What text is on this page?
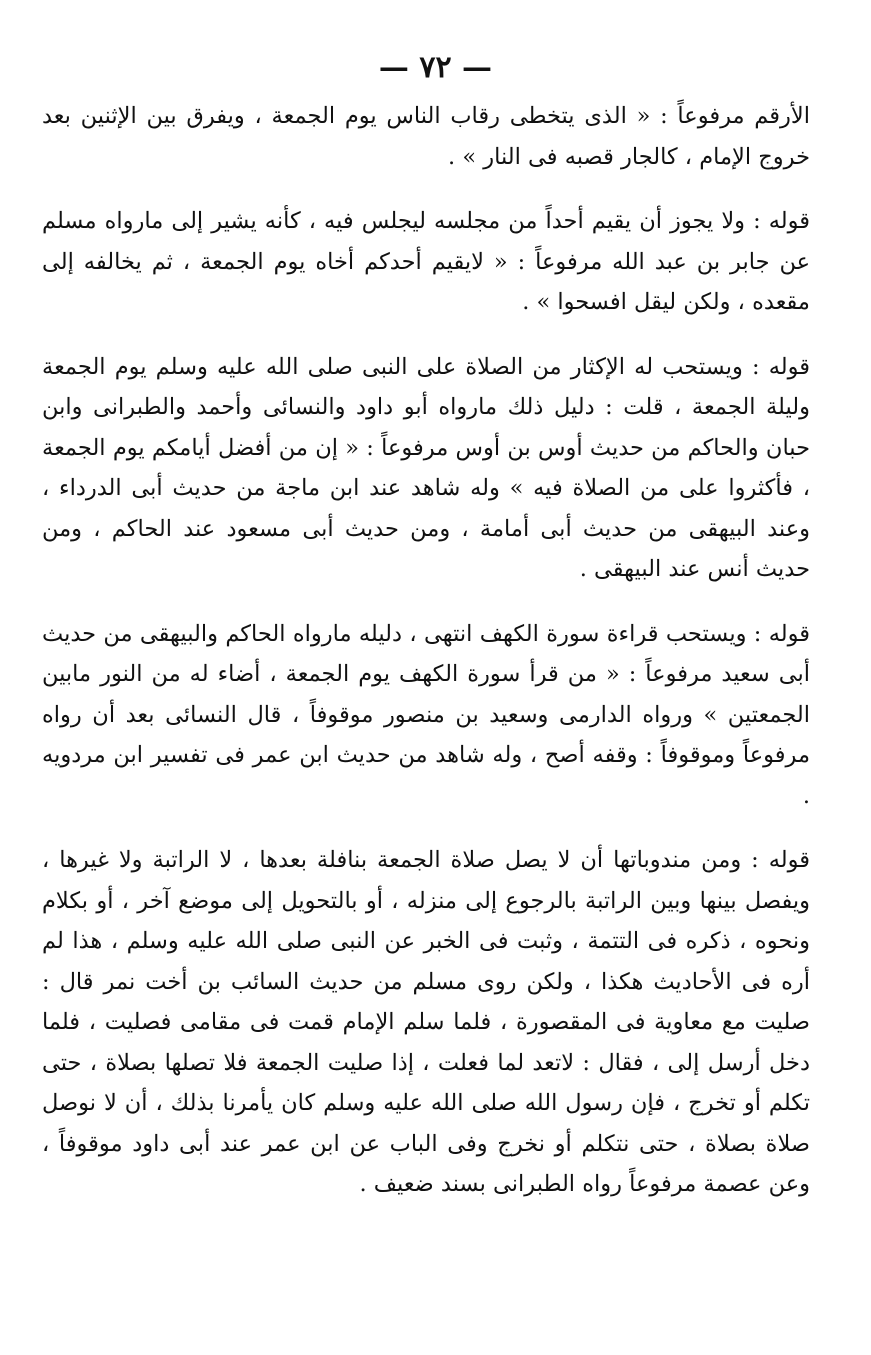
— ٧٢ —

الأرقم مرفوعاً : « الذى يتخطى رقاب الناس يوم الجمعة ، ويفرق بين الإثنين بعد خروج الإمام ، كالجار قصبه فى النار » .

قوله : ولا يجوز أن يقيم أحداً من مجلسه ليجلس فيه ، كأنه يشير إلى مارواه مسلم عن جابر بن عبد الله مرفوعاً : « لايقيم أحدكم أخاه يوم الجمعة ، ثم يخالفه إلى مقعده ، ولكن ليقل افسحوا » .

قوله : ويستحب له الإكثار من الصلاة على النبى صلى الله عليه وسلم يوم الجمعة وليلة الجمعة ، قلت : دليل ذلك مارواه أبو داود والنسائى وأحمد والطبرانى وابن حبان والحاكم من حديث أوس بن أوس مرفوعاً : « إن من أفضل أيامكم يوم الجمعة ، فأكثروا على من الصلاة فيه » وله شاهد عند ابن ماجة من حديث أبى الدرداء ، وعند البيهقى من حديث أبى أمامة ، ومن حديث أبى مسعود عند الحاكم ، ومن حديث أنس عند البيهقى .

قوله : ويستحب قراءة سورة الكهف انتهى ، دليله مارواه الحاكم والبيهقى من حديث أبى سعيد مرفوعاً : « من قرأ سورة الكهف يوم الجمعة ، أضاء له من النور مابين الجمعتين » ورواه الدارمى وسعيد بن منصور موقوفاً ، قال النسائى بعد أن رواه مرفوعاً وموقوفاً : وقفه أصح ، وله شاهد من حديث ابن عمر فى تفسير ابن مردويه .

قوله : ومن مندوباتها أن لا يصل صلاة الجمعة بنافلة بعدها ، لا الراتبة ولا غيرها ، ويفصل بينها وبين الراتبة بالرجوع إلى منزله ، أو بالتحويل إلى موضع آخر ، أو بكلام ونحوه ، ذكره فى التتمة ، وثبت فى الخبر عن النبى صلى الله عليه وسلم ، هذا لم أره فى الأحاديث هكذا ، ولكن روى مسلم من حديث السائب بن أخت نمر قال : صليت مع معاوية فى المقصورة ، فلما سلم الإمام قمت فى مقامى فصليت ، فلما دخل أرسل إلى ، فقال : لاتعد لما فعلت ، إذا صليت الجمعة فلا تصلها بصلاة ، حتى تكلم أو تخرج ، فإن رسول الله صلى الله عليه وسلم كان يأمرنا بذلك ، أن لا نوصل صلاة بصلاة ، حتى نتكلم أو نخرج وفى الباب عن ابن عمر عند أبى داود موقوفاً ، وعن عصمة مرفوعاً رواه الطبرانى بسند ضعيف .
